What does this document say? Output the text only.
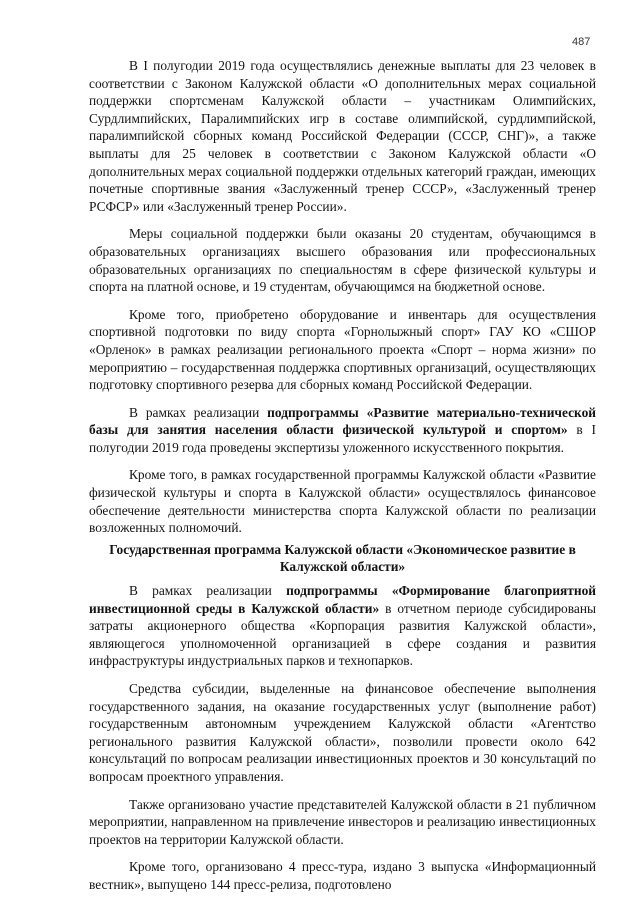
487

В I полугодии 2019 года осуществлялись денежные выплаты для 23 человек в соответствии с Законом Калужской области «О дополнительных мерах социальной поддержки спортсменам Калужской области – участникам Олимпийских, Сурдлимпийских, Паралимпийских игр в составе олимпийской, сурдлимпийской, паралимпийской сборных команд Российской Федерации (СССР, СНГ)», а также выплаты для 25 человек в соответствии с Законом Калужской области «О дополнительных мерах социальной поддержки отдельных категорий граждан, имеющих почетные спортивные звания «Заслуженный тренер СССР», «Заслуженный тренер РСФСР» или «Заслуженный тренер России».

Меры социальной поддержки были оказаны 20 студентам, обучающимся в образовательных организациях высшего образования или профессиональных образовательных организациях по специальностям в сфере физической культуры и спорта на платной основе, и 19 студентам, обучающимся на бюджетной основе.

Кроме того, приобретено оборудование и инвентарь для осуществления спортивной подготовки по виду спорта «Горнолыжный спорт» ГАУ КО «СШОР «Орленок» в рамках реализации регионального проекта «Спорт – норма жизни» по мероприятию – государственная поддержка спортивных организаций, осуществляющих подготовку спортивного резерва для сборных команд Российской Федерации.

В рамках реализации подпрограммы «Развитие материально-технической базы для занятия населения области физической культурой и спортом» в I полугодии 2019 года проведены экспертизы уложенного искусственного покрытия.

Кроме того, в рамках государственной программы Калужской области «Развитие физической культуры и спорта в Калужской области» осуществлялось финансовое обеспечение деятельности министерства спорта Калужской области по реализации возложенных полномочий.

Государственная программа Калужской области «Экономическое развитие в Калужской области»

В рамках реализации подпрограммы «Формирование благоприятной инвестиционной среды в Калужской области» в отчетном периоде субсидированы затраты акционерного общества «Корпорация развития Калужской области», являющегося уполномоченной организацией в сфере создания и развития инфраструктуры индустриальных парков и технопарков.

Средства субсидии, выделенные на финансовое обеспечение выполнения государственного задания, на оказание государственных услуг (выполнение работ) государственным автономным учреждением Калужской области «Агентство регионального развития Калужской области», позволили провести около 642 консультаций по вопросам реализации инвестиционных проектов и 30 консультаций по вопросам проектного управления.

Также организовано участие представителей Калужской области в 21 публичном мероприятии, направленном на привлечение инвесторов и реализацию инвестиционных проектов на территории Калужской области.

Кроме того, организовано 4 пресс-тура, издано 3 выпуска «Информационный вестник», выпущено 144 пресс-релиза, подготовлено
